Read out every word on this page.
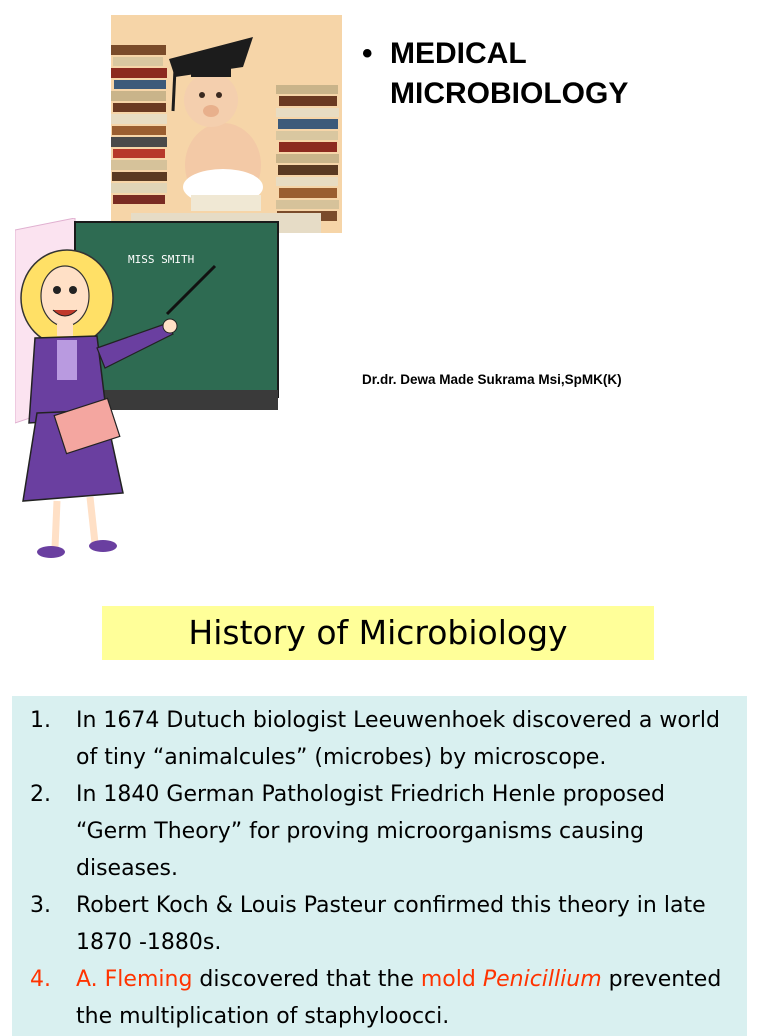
• MEDICAL MICROBIOLOGY
Dr.dr. Dewa Made Sukrama Msi,SpMK(K)
MISS SMITH
History of Microbiology
1. In 1674 Dutuch biologist Leeuwenhoek discovered a world of tiny “animalcules” (microbes) by microscope.
2. In 1840 German Pathologist Friedrich Henle proposed “Germ Theory” for proving microorganisms causing diseases.
3. Robert Koch & Louis Pasteur confirmed this theory in late 1870 -1880s.
4. A. Fleming discovered that the mold Penicillium prevented the multiplication of staphyloocci.
